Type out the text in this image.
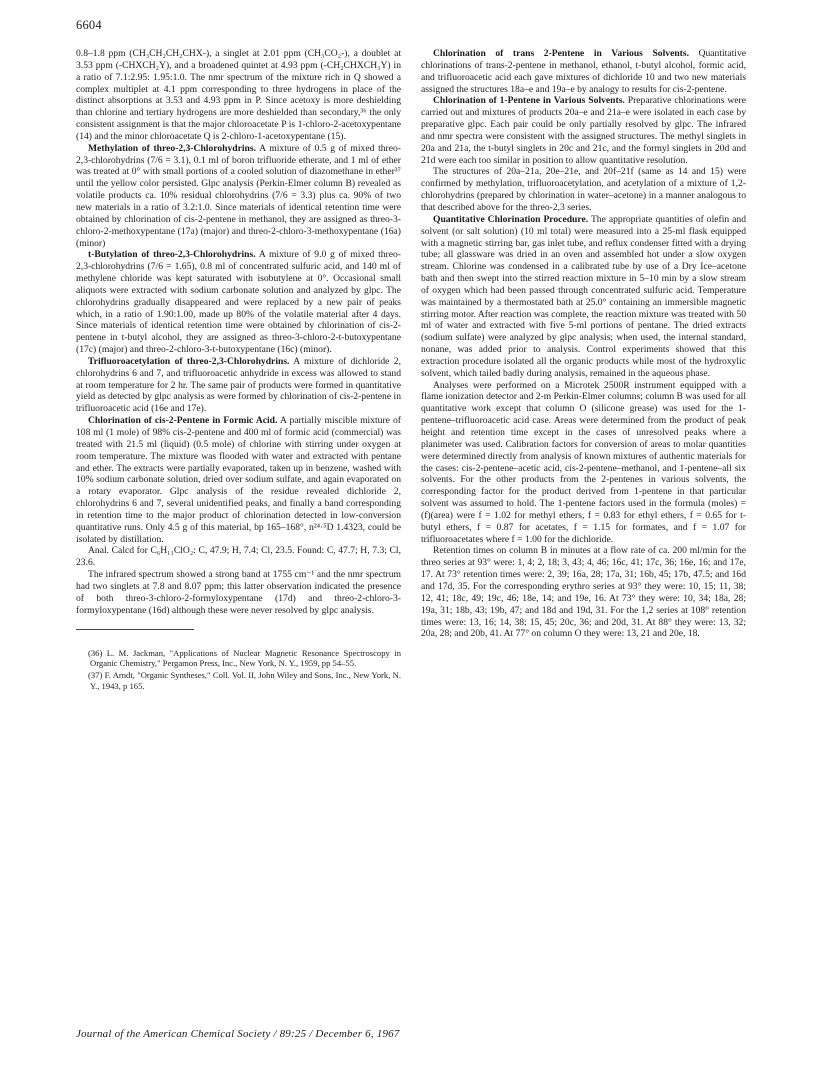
6604

0.8–1.8 ppm (CH₃CH₂CH₂CHX-), a singlet at 2.01 ppm (CH₃CO₂-), a doublet at 3.53 ppm (-CHXCH₂Y), and a broadened quintet at 4.93 ppm (-CH₂CHXCH₃Y) in a ratio of 7.1:2.95: 1.95:1.0. The nmr spectrum of the mixture rich in Q showed a complex multiplet at 4.1 ppm corresponding to three hydrogens in place of the distinct absorptions at 3.53 and 4.93 ppm in P. Since acetoxy is more deshielding than chlorine and tertiary hydrogens are more deshielded than secondary,³⁶ the only consistent assignment is that the major chloroacetate P is 1-chloro-2-acetoxypentane (14) and the minor chloroacetate Q is 2-chloro-1-acetoxypentane (15).

Methylation of threo-2,3-Chlorohydrins. A mixture of 0.5 g of mixed threo-2,3-chlorohydrins (7/6 = 3.1), 0.1 ml of boron trifluoride etherate, and 1 ml of ether was treated at 0° with small portions of a cooled solution of diazomethane in ether³⁷ until the yellow color persisted. Glpc analysis (Perkin-Elmer column B) revealed as volatile products ca. 10% residual chlorohydrins (7/6 = 3.3) plus ca. 90% of two new materials in a ratio of 3.2:1.0. Since materials of identical retention time were obtained by chlorination of cis-2-pentene in methanol, they are assigned as threo-3-chloro-2-methoxypentane (17a) (major) and threo-2-chloro-3-methoxypentane (16a) (minor)

t-Butylation of threo-2,3-Chlorohydrins. A mixture of 9.0 g of mixed threo-2,3-chlorohydrins (7/6 = 1.65), 0.8 ml of concentrated sulfuric acid, and 140 ml of methylene chloride was kept saturated with isobutylene at 0°. Occasional small aliquots were extracted with sodium carbonate solution and analyzed by glpc. The chlorohydrins gradually disappeared and were replaced by a new pair of peaks which, in a ratio of 1.90:1.00, made up 80% of the volatile material after 4 days. Since materials of identical retention time were obtained by chlorination of cis-2-pentene in t-butyl alcohol, they are assigned as threo-3-chloro-2-t-butoxypentane (17c) (major) and threo-2-chloro-3-t-butoxypentane (16c) (minor).

Trifluoroacetylation of threo-2,3-Chlorohydrins. A mixture of dichloride 2, chlorohydrins 6 and 7, and trifluoroacetic anhydride in excess was allowed to stand at room temperature for 2 hr. The same pair of products were formed in quantitative yield as detected by glpc analysis as were formed by chlorination of cis-2-pentene in trifluoroacetic acid (16e and 17e).

Chlorination of cis-2-Pentene in Formic Acid. A partially miscible mixture of 108 ml (1 mole) of 98% cis-2-pentene and 400 ml of formic acid (commercial) was treated with 21.5 ml (liquid) (0.5 mole) of chlorine with stirring under oxygen at room temperature. The mixture was flooded with water and extracted with pentane and ether. The extracts were partially evaporated, taken up in benzene, washed with 10% sodium carbonate solution, dried over sodium sulfate, and again evaporated on a rotary evaporator. Glpc analysis of the residue revealed dichloride 2, chlorohydrins 6 and 7, several unidentified peaks, and finally a band corresponding in retention time to the major product of chlorination detected in low-conversion quantitative runs. Only 4.5 g of this material, bp 165–168°, n²⁴·⁵D 1.4323, could be isolated by distillation.

Anal. Calcd for C₆H₁₁ClO₂: C, 47.9; H, 7.4; Cl, 23.5. Found: C, 47.7; H, 7.3; Cl, 23.6.

The infrared spectrum showed a strong band at 1755 cm⁻¹ and the nmr spectrum had two singlets at 7.8 and 8.07 ppm; this latter observation indicated the presence of both threo-3-chloro-2-formyloxypentane (17d) and threo-2-chloro-3-formyloxypentane (16d) although these were never resolved by glpc analysis.

(36) L. M. Jackman, "Applications of Nuclear Magnetic Resonance Spectroscopy in Organic Chemistry," Pergamon Press, Inc., New York, N. Y., 1959, pp 54–55.

(37) F. Arndt, "Organic Syntheses," Coll. Vol. II, John Wiley and Sons, Inc., New York, N. Y., 1943, p 165.

Chlorination of trans 2-Pentene in Various Solvents. Quantitative chlorinations of trans-2-pentene in methanol, ethanol, t-butyl alcohol, formic acid, and trifluoroacetic acid each gave mixtures of dichloride 10 and two new materials assigned the structures 18a–e and 19a–e by analogy to results for cis-2-pentene.

Chlorination of 1-Pentene in Various Solvents. Preparative chlorinations were carried out and mixtures of products 20a–e and 21a–e were isolated in each case by preparative glpc. Each pair could be only partially resolved by glpc. The infrared and nmr spectra were consistent with the assigned structures. The methyl singlets in 20a and 21a, the t-butyl singlets in 20c and 21c, and the formyl singlets in 20d and 21d were each too similar in position to allow quantitative resolution.

The structures of 20a–21a, 20e–21e, and 20f–21f (same as 14 and 15) were confirmed by methylation, trifluoroacetylation, and acetylation of a mixture of 1,2-chlorohydrins (prepared by chlorination in water–acetone) in a manner analogous to that described above for the threo-2,3 series.

Quantitative Chlorination Procedure. The appropriate quantities of olefin and solvent (or salt solution) (10 ml total) were measured into a 25-ml flask equipped with a magnetic stirring bar, gas inlet tube, and reflux condenser fitted with a drying tube; all glassware was dried in an oven and assembled hot under a slow oxygen stream. Chlorine was condensed in a calibrated tube by use of a Dry Ice–acetone bath and then swept into the stirred reaction mixture in 5–10 min by a slow stream of oxygen which had been passed through concentrated sulfuric acid. Temperature was maintained by a thermostated bath at 25.0° containing an immersible magnetic stirring motor. After reaction was complete, the reaction mixture was treated with 50 ml of water and extracted with five 5-ml portions of pentane. The dried extracts (sodium sulfate) were analyzed by glpc analysis; when used, the internal standard, nonane, was added prior to analysis. Control experiments showed that this extraction procedure isolated all the organic products while most of the hydroxylic solvent, which tailed badly during analysis, remained in the aqueous phase.

Analyses were performed on a Microtek 2500R instrument equipped with a flame ionization detector and 2-m Perkin-Elmer columns; column B was used for all quantitative work except that column O (silicone grease) was used for the 1-pentene–trifluoroacetic acid case. Areas were determined from the product of peak height and retention time except in the cases of unresolved peaks where a planimeter was used. Calibration factors for conversion of areas to molar quantities were determined directly from analysis of known mixtures of authentic materials for the cases: cis-2-pentene–acetic acid, cis-2-pentene–methanol, and 1-pentene–all six solvents. For the other products from the 2-pentenes in various solvents, the corresponding factor for the product derived from 1-pentene in that particular solvent was assumed to hold. The 1-pentene factors used in the formula (moles) = (f)(area) were f = 1.02 for methyl ethers, f = 0.83 for ethyl ethers, f = 0.65 for t-butyl ethers, f = 0.87 for acetates, f = 1.15 for formates, and f = 1.07 for trifluoroacetates where f = 1.00 for the dichloride.

Retention times on column B in minutes at a flow rate of ca. 200 ml/min for the threo series at 93° were: 1, 4; 2, 18; 3, 43; 4, 46; 16c, 41; 17c, 36; 16e, 16; and 17e, 17. At 73° retention times were: 2, 39; 16a, 28; 17a, 31; 16b, 45; 17b, 47.5; and 16d and 17d, 35. For the corresponding erythro series at 93° they were: 10, 15; 11, 38; 12, 41; 18c, 49; 19c, 46; 18e, 14; and 19e, 16. At 73° they were: 10, 34; 18a, 28; 19a, 31; 18b, 43; 19b, 47; and 18d and 19d, 31. For the 1,2 series at 108° retention times were: 13, 16; 14, 38; 15, 45; 20c, 36; and 20d, 31. At 88° they were: 13, 32; 20a, 28; and 20b, 41. At 77° on column O they were: 13, 21 and 20e, 18.

Journal of the American Chemical Society / 89:25 / December 6, 1967
